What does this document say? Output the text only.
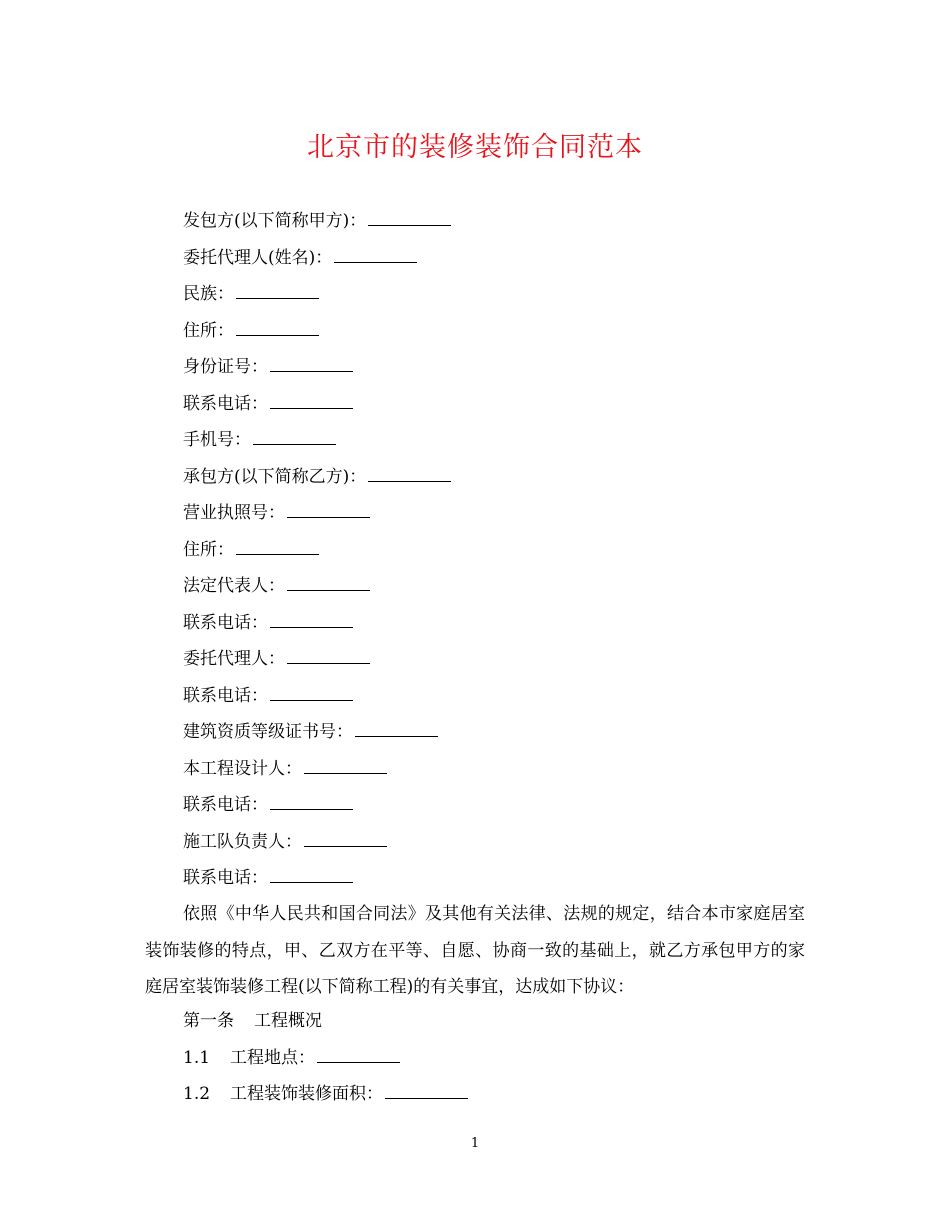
北京市的装修装饰合同范本
发包方(以下简称甲方)：
委托代理人(姓名)：
民族：
住所：
身份证号：
联系电话：
手机号：
承包方(以下简称乙方)：
营业执照号：
住所：
法定代表人：
联系电话：
委托代理人：
联系电话：
建筑资质等级证书号：
本工程设计人：
联系电话：
施工队负责人：
联系电话：
依照《中华人民共和国合同法》及其他有关法律、法规的规定，结合本市家庭居室装饰装修的特点，甲、乙双方在平等、自愿、协商一致的基础上，就乙方承包甲方的家庭居室装饰装修工程(以下简称工程)的有关事宜，达成如下协议：
第一条 工程概况
1.1 工程地点：
1.2 工程装饰装修面积：
1
